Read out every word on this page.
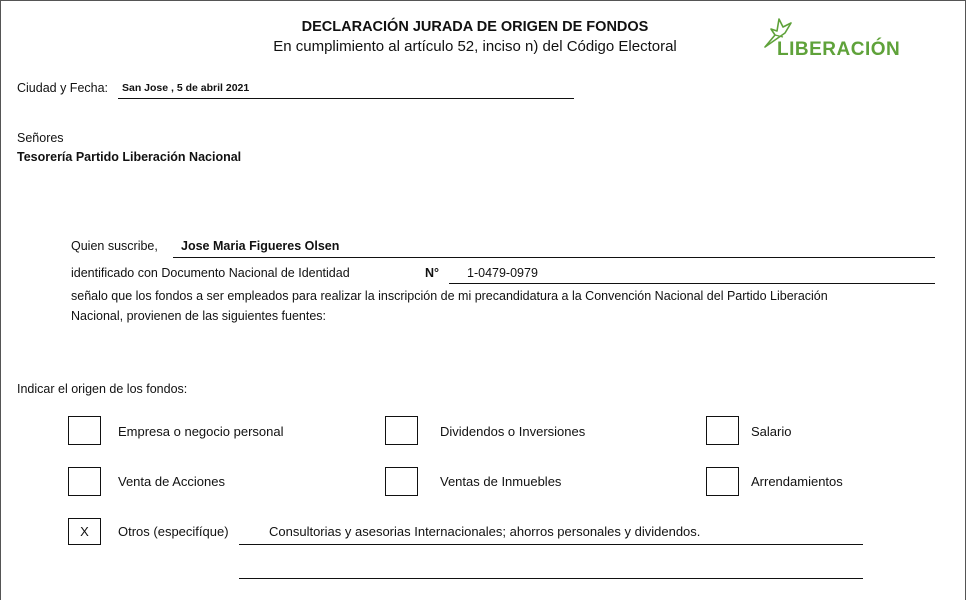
DECLARACIÓN JURADA DE ORIGEN DE FONDOS
En cumplimiento al artículo 52, inciso n) del Código Electoral	LIBERACIÓN
Ciudad y Fecha: San Jose , 5 de abril 2021
Señores
Tesorería Partido Liberación Nacional
Quien suscribe, Jose Maria Figueres Olsen
identificado con Documento Nacional de Identidad	N° 1-0479-0979
señalo que los fondos a ser empleados para realizar la inscripción de mi precandidatura a la Convención Nacional del Partido Liberación
Nacional, provienen de las siguientes fuentes:
Indicar el origen de los fondos:
Empresa o negocio personal	Dividendos o Inversiones	Salario
Venta de Acciones	Ventas de Inmuebles	Arrendamientos
X	Otros (especifíque)	Consultorias y asesorias Internacionales; ahorros personales y dividendos.
